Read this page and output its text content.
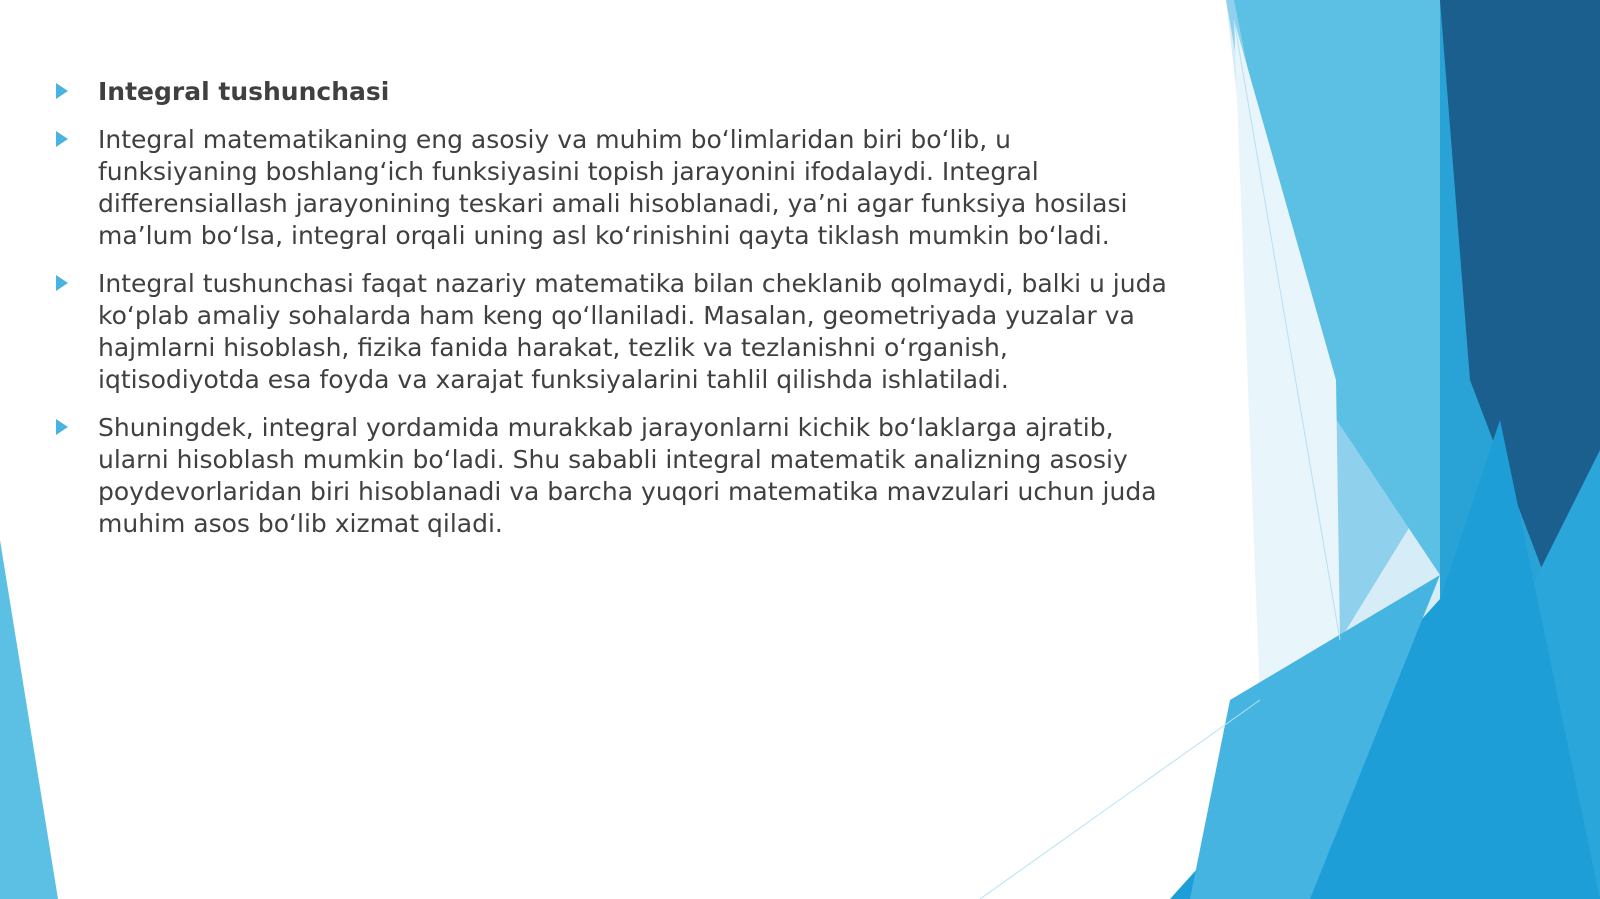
Integral tushunchasi
Integral matematikaning eng asosiy va muhim bo‘limlaridan biri bo‘lib, u funksiyaning boshlang‘ich funksiyasini topish jarayonini ifodalaydi. Integral differensiallash jarayonining teskari amali hisoblanadi, ya’ni agar funksiya hosilasi ma’lum bo‘lsa, integral orqali uning asl ko‘rinishini qayta tiklash mumkin bo‘ladi.
Integral tushunchasi faqat nazariy matematika bilan cheklanib qolmaydi, balki u juda ko‘plab amaliy sohalarda ham keng qo‘llaniladi. Masalan, geometriyada yuzalar va hajmlarni hisoblash, fizika fanida harakat, tezlik va tezlanishni o‘rganish, iqtisodiyotda esa foyda va xarajat funksiyalarini tahlil qilishda ishlatiladi.
Shuningdek, integral yordamida murakkab jarayonlarni kichik bo‘laklarga ajratib, ularni hisoblash mumkin bo‘ladi. Shu sababli integral matematik analizning asosiy poydevorlaridan biri hisoblanadi va barcha yuqori matematika mavzulari uchun juda muhim asos bo‘lib xizmat qiladi.
